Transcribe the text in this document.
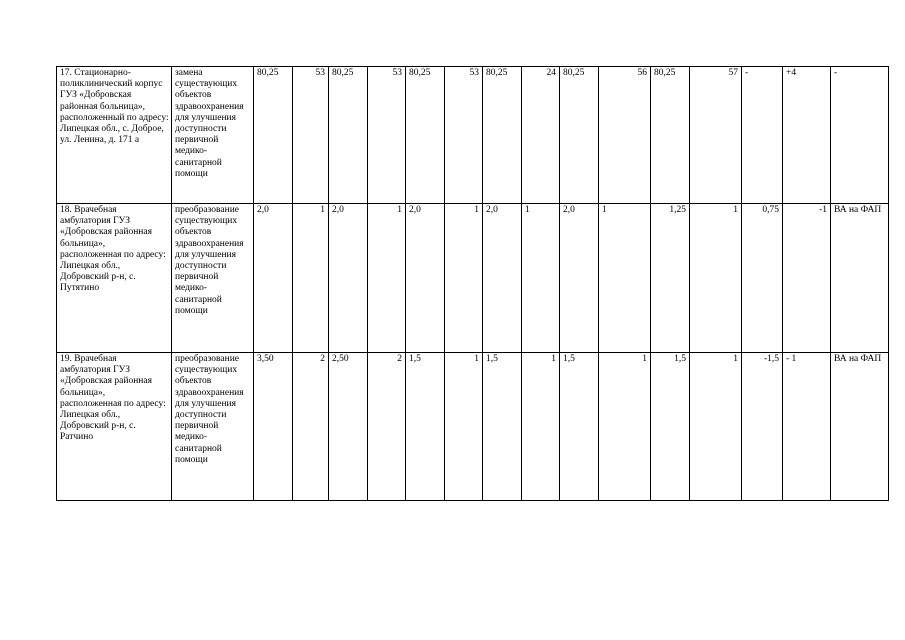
17. Стационарно-поликлинический корпус ГУЗ «Добровская районная больница», расположенный по адресу: Липецкая обл., с. Доброе, ул. Ленина, д. 171 а	замена существующих объектов здравоохранения для улучшения доступности первичной медико-санитарной помощи	80,25	53	80,25	53	80,25	53	80,25	24	80,25	56	80,25	57	-	+4	-
18. Врачебная амбулатория ГУЗ «Добровская районная больница», расположенная по адресу: Липецкая обл., Добровский р-н, с. Путятино	преобразование существующих объектов здравоохранения для улучшения доступности первичной медико-санитарной помощи	2,0	1	2,0	1	2,0	1	2,0	1	2,0	1	1,25	1	0,75	-1	ВА на ФАП
19. Врачебная амбулатория ГУЗ «Добровская районная больница», расположенная по адресу: Липецкая обл., Добровский р-н, с. Ратчино	преобразование существующих объектов здравоохранения для улучшения доступности первичной медико-санитарной помощи	3,50	2	2,50	2	1,5	1	1,5	1	1,5	1	1,5	1	-1,5	- 1	ВА на ФАП
